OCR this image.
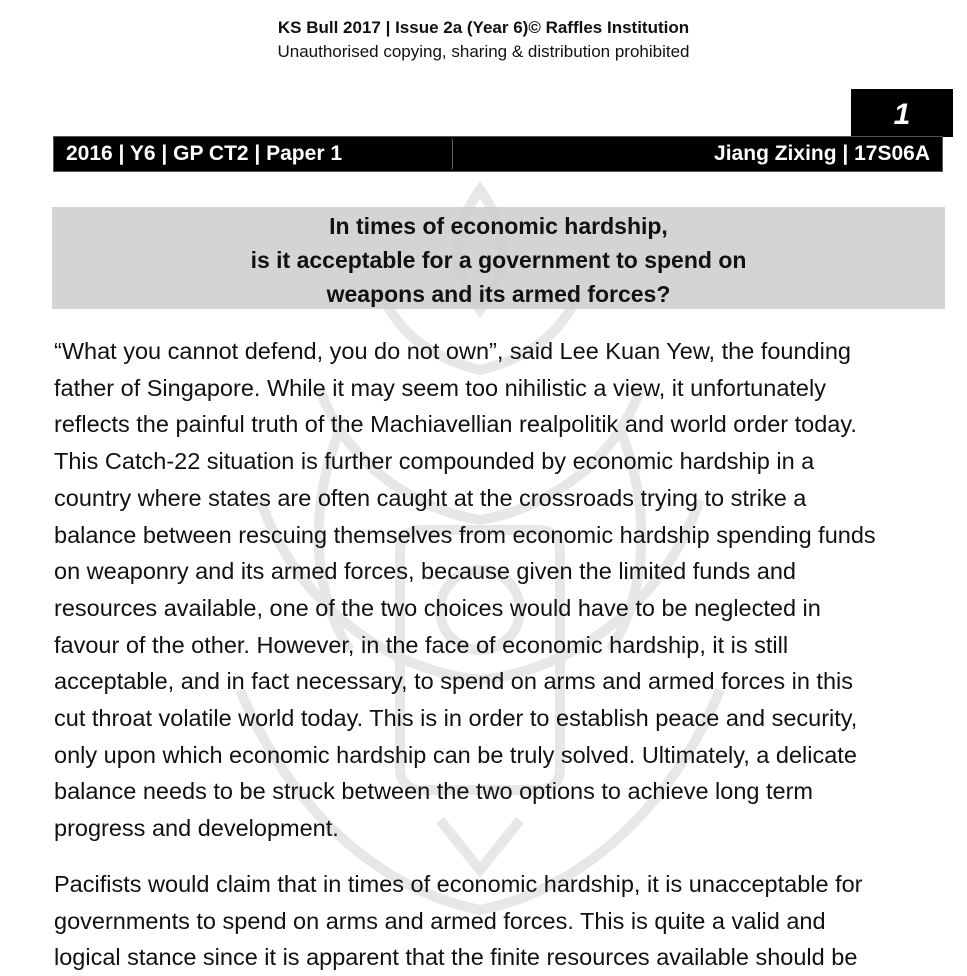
KS Bull 2017 | Issue 2a (Year 6)© Raffles Institution
Unauthorised copying, sharing & distribution prohibited
1
2016 | Y6 | GP CT2 | Paper 1	Jiang Zixing | 17S06A
In times of economic hardship,
is it acceptable for a government to spend on
weapons and its armed forces?
“What you cannot defend, you do not own”, said Lee Kuan Yew, the founding
father of Singapore. While it may seem too nihilistic a view, it unfortunately
reflects the painful truth of the Machiavellian realpolitik and world order today.
This Catch-22 situation is further compounded by economic hardship in a
country where states are often caught at the crossroads trying to strike a
balance between rescuing themselves from economic hardship spending funds
on weaponry and its armed forces, because given the limited funds and
resources available, one of the two choices would have to be neglected in
favour of the other. However, in the face of economic hardship, it is still
acceptable, and in fact necessary, to spend on arms and armed forces in this
cut throat volatile world today. This is in order to establish peace and security,
only upon which economic hardship can be truly solved. Ultimately, a delicate
balance needs to be struck between the two options to achieve long term
progress and development.
Pacifists would claim that in times of economic hardship, it is unacceptable for
governments to spend on arms and armed forces. This is quite a valid and
logical stance since it is apparent that the finite resources available should be
